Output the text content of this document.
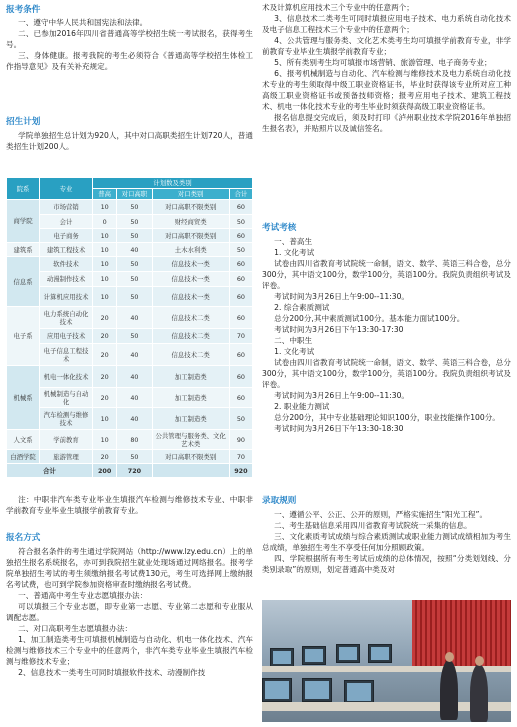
报考条件

一、遵守中华人民共和国宪法和法律。

二、已参加2016年四川省普通高等学校招生统一考试报名，获得考生号。

三、身体健康。报考我院的考生必须符合《普通高等学校招生体检工作指导意见》及有关补充规定。

招生计划

学院单独招生总计划为920人，其中对口高职类招生计划720人，普通类招生计划200人。

院系	专业	计划数及类别			
		普高	对口高职	对口类别	合计
商学院	市场营销	10	50	对口高职不限类别	60
	会计	0	50	财经商贸类	50
	电子商务	10	50	对口高职不限类别	60
建筑系	建筑工程技术	10	40	土木水利类	50
信息系	软件技术	10	50	信息技术一类	60
	动漫制作技术	10	50	信息技术一类	60
	计算机应用技术	10	50	信息技术一类	60
电子系	电力系统自动化技术	20	40	信息技术二类	60
	应用电子技术	20	50	信息技术二类	70
	电子信息工程技术	20	40	信息技术二类	60
机械系	机电一体化技术	20	40	加工制造类	60
	机械制造与自动化	20	40	加工制造类	60
	汽车检测与维修技术	10	40	加工制造类	50
人文系	学前教育	10	80	公共管理与服务类、文化艺术类	90
白酒学院	旅游管理	20	50	对口高职不限类别	70
合计		200	720		920

注：中职非汽车类专业毕业生填报汽车检测与维修技术专业、中职非学前教育专业毕业生填报学前教育专业。

报名方式

符合报名条件的考生通过学院网站（http://www.lzy.edu.cn）上的单独招生报名系统报名，亦可到我院招生就业处现场通过网络报名。报考学院单独招生考试的考生须缴纳报名考试费130元，考生可选择网上缴纳报名考试费，也可到学院参加资格审查时缴纳报名考试费。

一、普通高中考生专业志愿填报办法：

可以填报三个专业志愿，即专业第一志愿、专业第二志愿和专业服从调配志愿。

二、对口高职考生志愿填报办法：

1、加工制造类考生可填报机械制造与自动化、机电一体化技术、汽车检测与维修技术三个专业中的任意两个，非汽车类专业毕业生填报汽车检测与维修技术专业；

2、信息技术一类考生可同时填报软件技术、动漫制作技

术及计算机应用技术三个专业中的任意两个；

3、信息技术二类考生可同时填报应用电子技术、电力系统自动化技术及电子信息工程技术三个专业中的任意两个；

4、公共管理与服务类、文化艺术类考生均可填报学前教育专业，非学前教育专业毕业生填报学前教育专业；

5、所有类别考生均可填报市场营销、旅游管理、电子商务专业；

6、报考机械制造与自动化、汽车检测与维修技术及电力系统自动化技术专业的考生须取得中级工职业资格证书，毕业时获得该专业所对应工种高级工职业资格证书或预备技师资格；报考应用电子技术、建筑工程技术、机电一体化技术专业的考生毕业时须获得高级工职业资格证书。

报名信息提交完成后，须及时打印《泸州职业技术学院2016年单独招生报名表》，并贴照片以及诚信签名。

考试考核

一、普高生

1. 文化考试

试卷由四川省教育考试院统一命制，语文、数学、英语三科合卷，总分300分，其中语文100分，数学100分，英语100分。我院负责组织考试及评卷。

考试时间为3月26日上午9:00--11:30。

2. 综合素质测试

总分200分,其中素质测试100分。基本能力面试100分。

考试时间为3月26日下午13:30-17:30

二、中职生

1. 文化考试

试卷由四川省教育考试院统一命制，语文、数学、英语三科合卷，总分300分，其中语文100分，数学100分，英语100分。我院负责组织考试及评卷。

考试时间为3月26日上午9:00--11:30。

2. 职业能力测试

总分200分，其中专业基础理论知识100分，职业技能操作100分。

考试时间为3月26日下午13:30-18:30

录取规则

一、遵循公平、公正、公开的原则，严格实施招生“阳光工程”。

二、考生基础信息采用四川省教育考试院统一采集的信息。

三、文化素质考试成绩与综合素质测试或职业能力测试成绩相加为考生总成绩，单独招生考生不享受任何加分照顾政策。

四、学院根据所有考生考试后成绩的总体情况，按照“分类划划线、分类别录取”的原则，划定普通高中类及对
